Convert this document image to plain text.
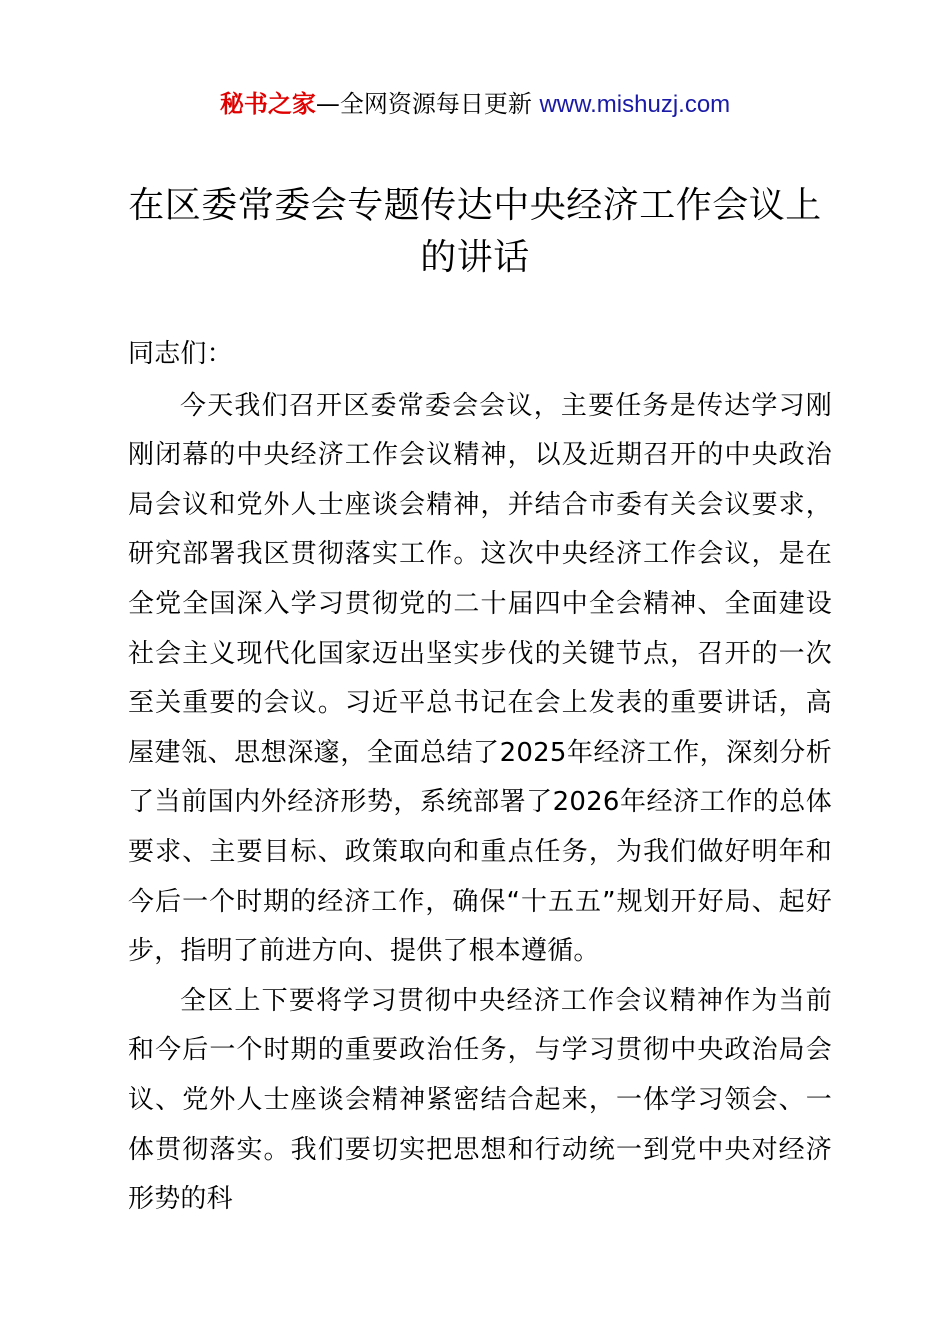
秘书之家—全网资源每日更新 www.mishuzj.com
在区委常委会专题传达中央经济工作会议上的讲话

同志们：

今天我们召开区委常委会会议，主要任务是传达学习刚刚闭幕的中央经济工作会议精神，以及近期召开的中央政治局会议和党外人士座谈会精神，并结合市委有关会议要求，研究部署我区贯彻落实工作。这次中央经济工作会议，是在全党全国深入学习贯彻党的二十届四中全会精神、全面建设社会主义现代化国家迈出坚实步伐的关键节点，召开的一次至关重要的会议。习近平总书记在会上发表的重要讲话，高屋建瓴、思想深邃，全面总结了2025年经济工作，深刻分析了当前国内外经济形势，系统部署了2026年经济工作的总体要求、主要目标、政策取向和重点任务，为我们做好明年和今后一个时期的经济工作，确保“十五五”规划开好局、起好步，指明了前进方向、提供了根本遵循。

全区上下要将学习贯彻中央经济工作会议精神作为当前和今后一个时期的重要政治任务，与学习贯彻中央政治局会议、党外人士座谈会精神紧密结合起来，一体学习领会、一体贯彻落实。我们要切实把思想和行动统一到党中央对经济形势的科
